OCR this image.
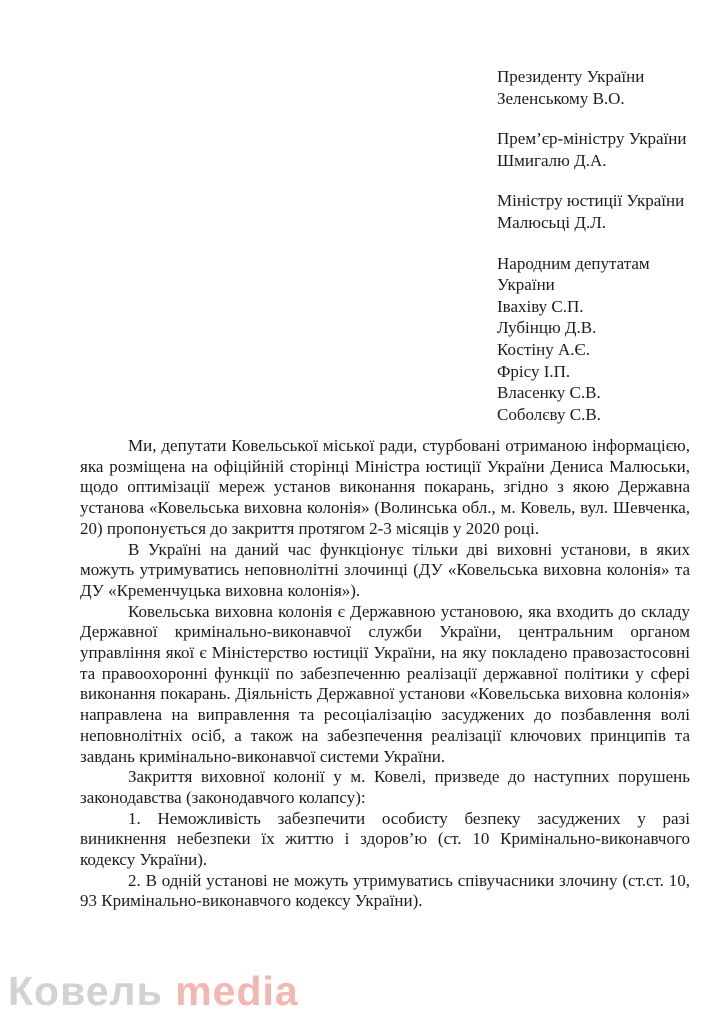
Президенту України
Зеленському В.О.
Прем’єр-міністру України
Шмигалю Д.А.
Міністру юстиції України
Малюсьці Д.Л.
Народним депутатам
України
Івахіву С.П.
Лубінцю Д.В.
Костіну А.Є.
Фрісу І.П.
Власенку С.В.
Соболєву С.В.

Ми, депутати Ковельської міської ради, стурбовані отриманою інформацією, яка розміщена на офіційній сторінці Міністра юстиції України Дениса Малюськи, щодо оптимізації мереж установ виконання покарань, згідно з якою Державна установа «Ковельська виховна колонія» (Волинська обл., м. Ковель, вул. Шевченка, 20) пропонується до закриття протягом 2-3 місяців у 2020 році.

В Україні на даний час функціонує тільки дві виховні установи, в яких можуть утримуватись неповнолітні злочинці (ДУ «Ковельська виховна колонія» та ДУ «Кременчуцька виховна колонія»).

Ковельська виховна колонія є Державною установою, яка входить до складу Державної кримінально-виконавчої служби України, центральним органом управління якої є Міністерство юстиції України, на яку покладено правозастосовні та правоохоронні функції по забезпеченню реалізації державної політики у сфері виконання покарань. Діяльність Державної установи «Ковельська виховна колонія» направлена на виправлення та ресоціалізацію засуджених до позбавлення волі неповнолітніх осіб, а також на забезпечення реалізації ключових принципів та завдань кримінально-виконавчої системи України.

Закриття виховної колонії у м. Ковелі, призведе до наступних порушень законодавства (законодавчого колапсу):

1. Неможливість забезпечити особисту безпеку засуджених у разі виникнення небезпеки їх життю і здоров’ю (ст. 10 Кримінально-виконавчого кодексу України).

2. В одній установі не можуть утримуватись співучасники злочину (ст.ст. 10, 93 Кримінально-виконавчого кодексу України).

Ковель media
